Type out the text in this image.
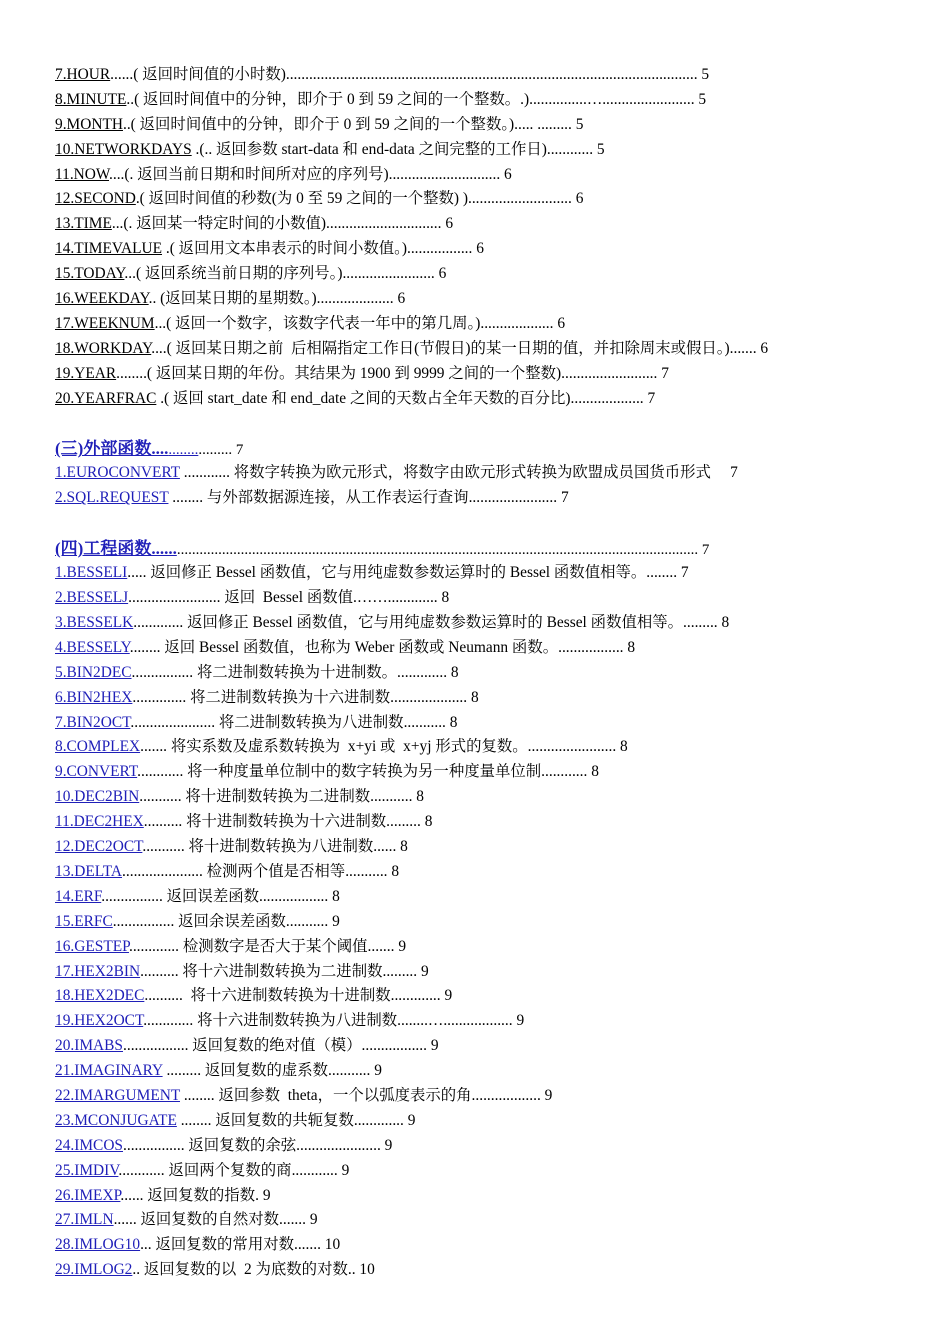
7.HOUR......( 返回时间值的小时数)........................................................................................................... 5
8.MINUTE..( 返回时间值中的分钟，即介于 0 到 59 之间的一个整数。.)...............…........................ 5
9.MONTH..( 返回时间值中的分钟，即介于 0 到 59 之间的一个整数。)..... ......... 5
10.NETWORKDAYS .(.. 返回参数 start-data 和 end-data 之间完整的工作日)............ 5
11.NOW....(. 返回当前日期和时间所对应的序列号)............................. 6
12.SECOND.( 返回时间值的秒数(为 0 至 59 之间的一个整数) )........................... 6
13.TIME...(. 返回某一特定时间的小数值).............................. 6
14.TIMEVALUE .( 返回用文本串表示的时间小数值。)................. 6
15.TODAY...( 返回系统当前日期的序列号。)........................ 6
16.WEEKDAY.. (返回某日期的星期数。).................... 6
17.WEEKNUM...( 返回一个数字，该数字代表一年中的第几周。)................... 6
18.WORKDAY....( 返回某日期之前  后相隔指定工作日(节假日)的某一日期的值，并扣除周末或假日。)....... 6
19.YEAR........( 返回某日期的年份。其结果为 1900 到 9999 之间的一个整数)......................... 7
20.YEARFRAC .( 返回 start_date 和 end_date 之间的天数占全年天数的百分比)................... 7
(三)外部函数..................... 7
1.EUROCONVERT ............ 将数字转换为欧元形式，将数字由欧元形式转换为欧盟成员国货币形式     7
2.SQL.REQUEST ........ 与外部数据源连接，从工作表运行查询....................... 7
(四)工程函数................................................................................................................................................. 7
1.BESSELI..... 返回修正 Bessel 函数值，它与用纯虚数参数运算时的 Bessel 函数值相等。........ 7
2.BESSELJ........................ 返回  Bessel 函数值.……............. 8
3.BESSELK............. 返回修正 Bessel 函数值，它与用纯虚数参数运算时的 Bessel 函数值相等。......... 8
4.BESSELY........ 返回 Bessel 函数值，也称为 Weber 函数或 Neumann 函数。................. 8
5.BIN2DEC................ 将二进制数转换为十进制数。............. 8
6.BIN2HEX.............. 将二进制数转换为十六进制数.................... 8
7.BIN2OCT...................... 将二进制数转换为八进制数........... 8
8.COMPLEX....... 将实系数及虚系数转换为  x+yi 或  x+yj 形式的复数。....................... 8
9.CONVERT............ 将一种度量单位制中的数字转换为另一种度量单位制............ 8
10.DEC2BIN........... 将十进制数转换为二进制数........... 8
11.DEC2HEX.......... 将十进制数转换为十六进制数......... 8
12.DEC2OCT........... 将十进制数转换为八进制数...... 8
13.DELTA..................... 检测两个值是否相等........... 8
14.ERF................ 返回误差函数.................. 8
15.ERFC................ 返回余误差函数........... 9
16.GESTEP............. 检测数字是否大于某个阈值....... 9
17.HEX2BIN.......... 将十六进制数转换为二进制数......... 9
18.HEX2DEC..........  将十六进制数转换为十进制数............. 9
19.HEX2OCT............. 将十六进制数转换为八进制数........….................. 9
20.IMABS................. 返回复数的绝对值（模）................. 9
21.IMAGINARY ......... 返回复数的虚系数........... 9
22.IMARGUMENT ........ 返回参数  theta，一个以弧度表示的角.................. 9
23.MCONJUGATE ........ 返回复数的共轭复数............. 9
24.IMCOS................ 返回复数的余弦...................... 9
25.IMDIV............ 返回两个复数的商............ 9
26.IMEXP...... 返回复数的指数. 9
27.IMLN...... 返回复数的自然对数....... 9
28.IMLOG10... 返回复数的常用对数....... 10
29.IMLOG2.. 返回复数的以  2 为底数的对数.. 10
